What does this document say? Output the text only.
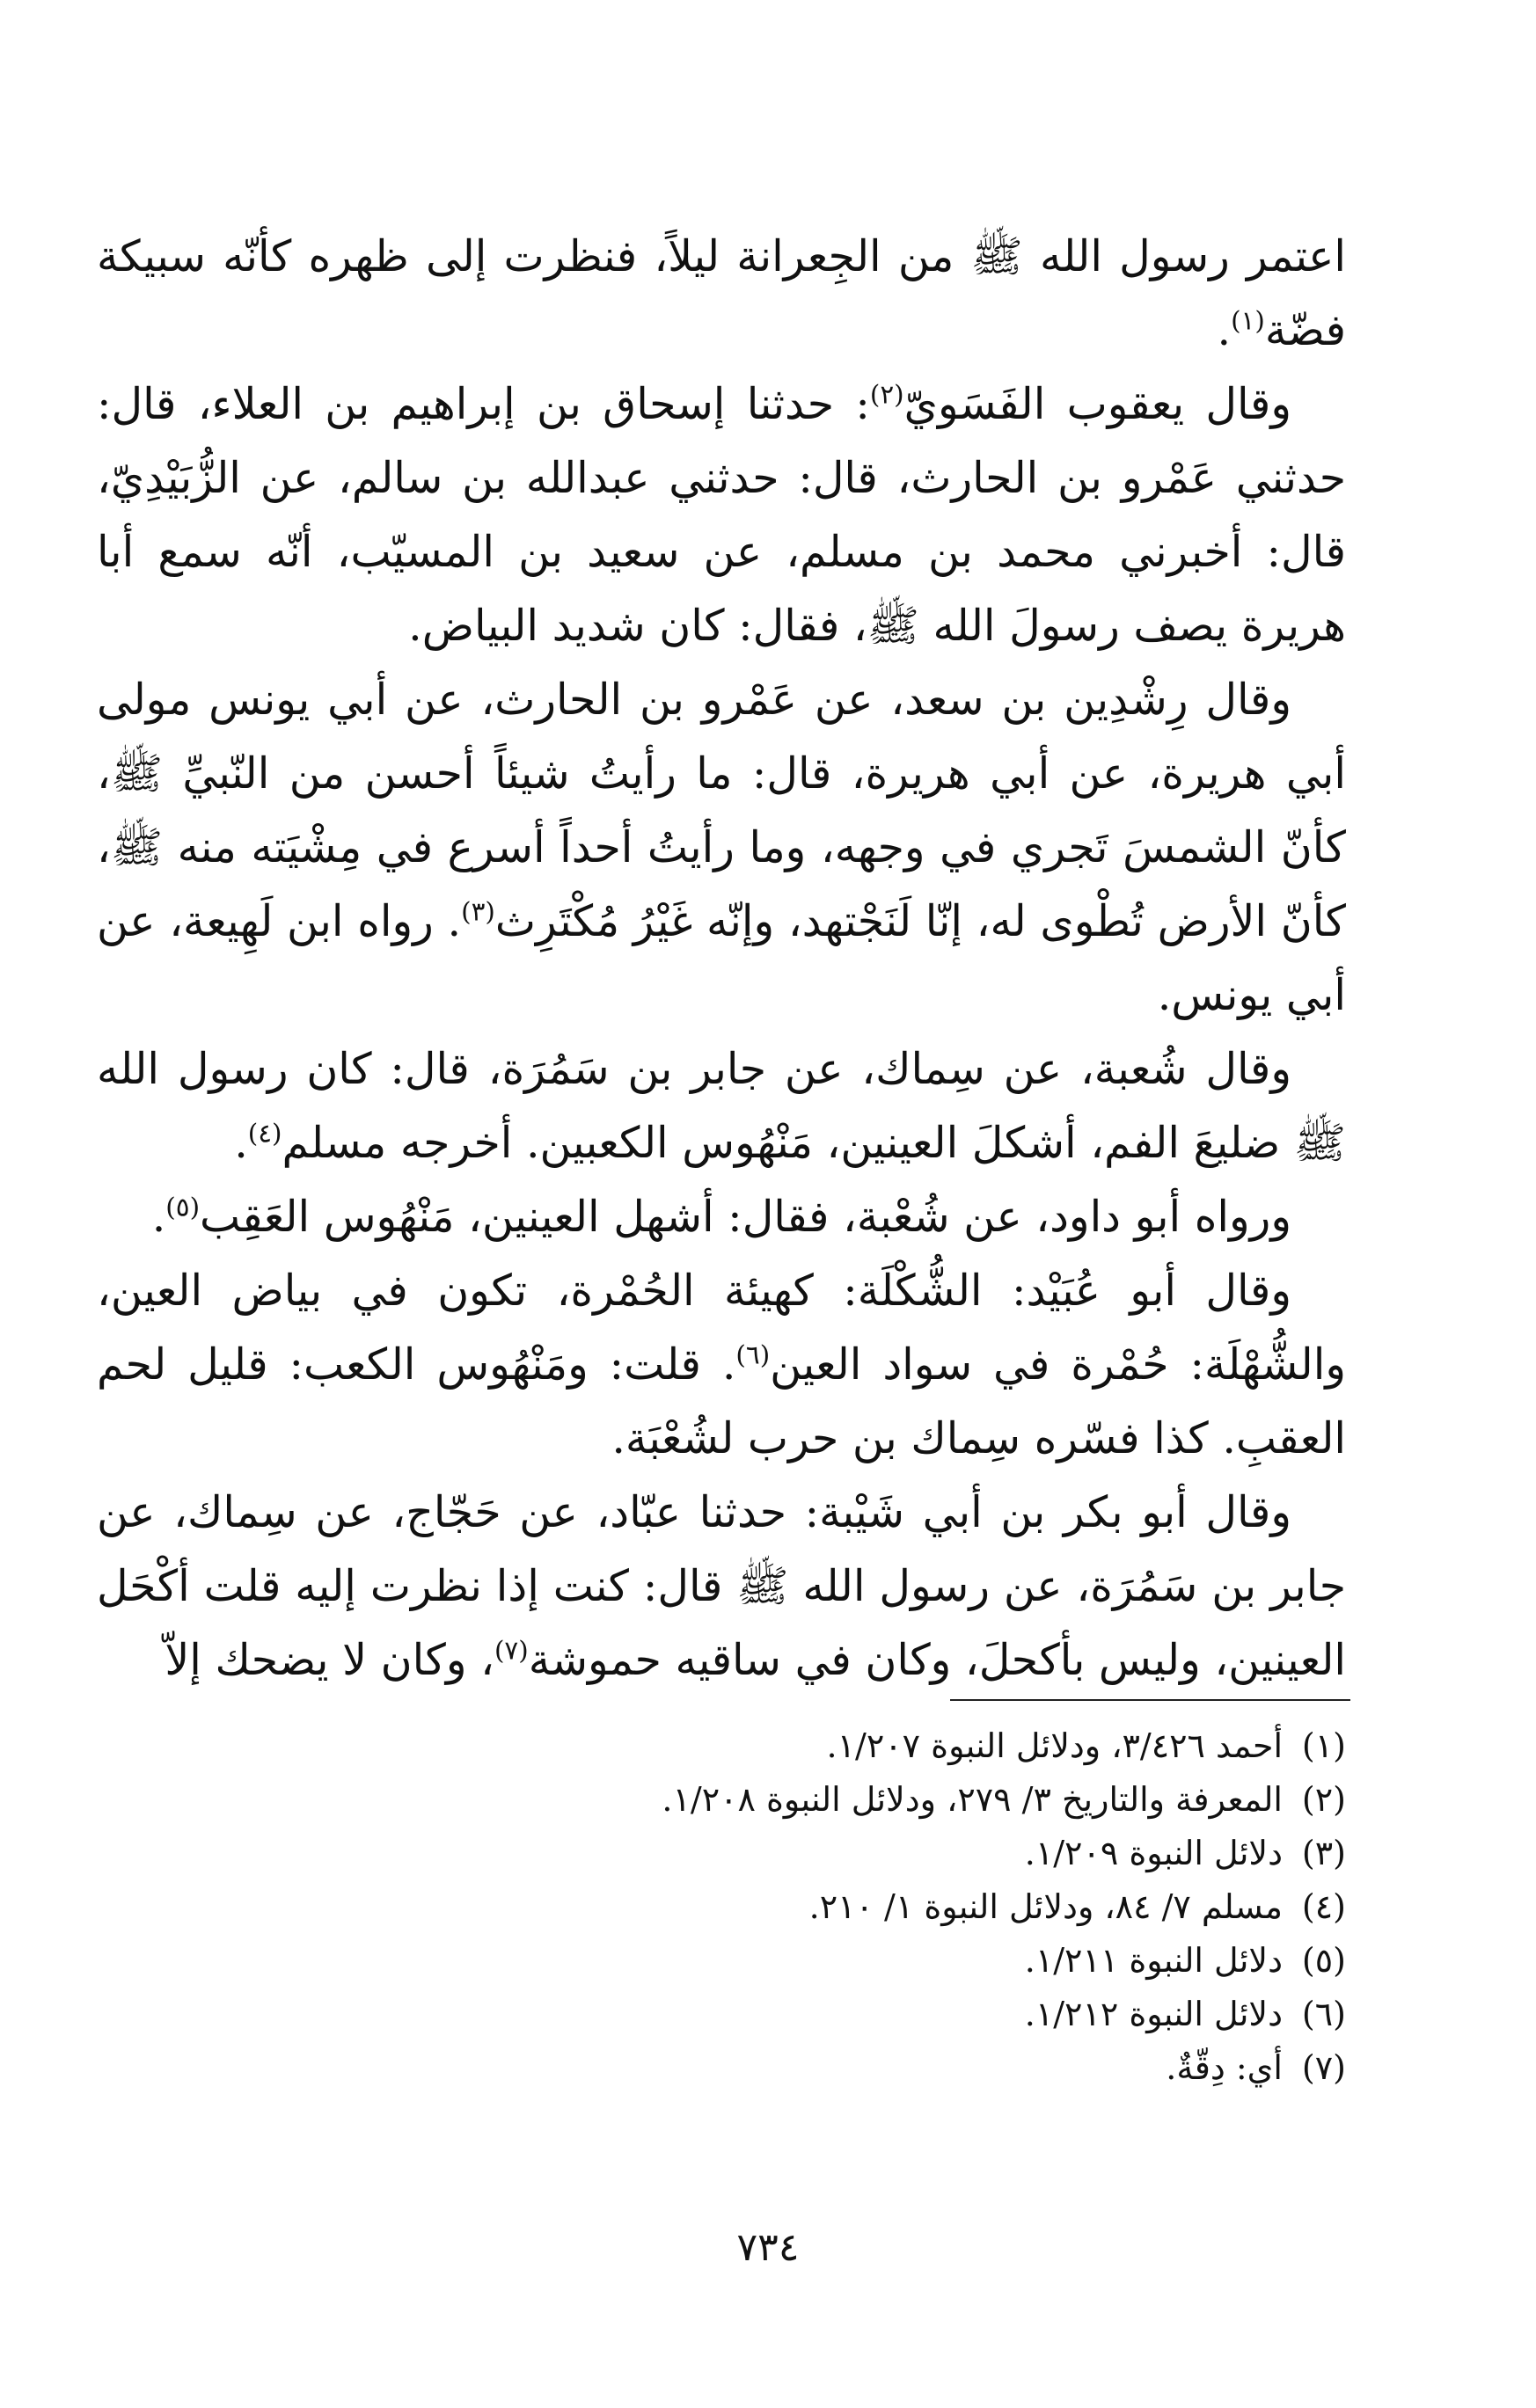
اعتمر رسول الله ﷺ من الجِعرانة ليلاً، فنظرت إلى ظهره كأنّه سبيكة فضّة$^{(١)}$.

وقال يعقوب الفَسَويّ$^{(٢)}$: حدثنا إسحاق بن إبراهيم بن العلاء، قال: حدثني عَمْرو بن الحارث، قال: حدثني عبدالله بن سالم، عن الزُّبَيْدِيّ، قال: أخبرني محمد بن مسلم، عن سعيد بن المسيّب، أنّه سمع أبا هريرة يصف رسولَ الله ﷺ، فقال: كان شديد البياض.

وقال رِشْدِين بن سعد، عن عَمْرو بن الحارث، عن أبي يونس مولى أبي هريرة، عن أبي هريرة، قال: ما رأيتُ شيئاً أحسن من النّبيِّ ﷺ، كأنّ الشمسَ تَجري في وجهه، وما رأيتُ أحداً أسرع في مِشْيَته منه ﷺ، كأنّ الأرض تُطْوى له، إنّا لَنَجْتهد، وإنّه غَيْرُ مُكْتَرِث$^{(٣)}$. رواه ابن لَهِيعة، عن أبي يونس.

وقال شُعبة، عن سِماك، عن جابر بن سَمُرَة، قال: كان رسول الله ﷺ ضليعَ الفم، أشكلَ العينين، مَنْهُوس الكعبين. أخرجه مسلم$^{(٤)}$.

ورواه أبو داود، عن شُعْبة، فقال: أشهل العينين، مَنْهُوس العَقِب$^{(٥)}$.

وقال أبو عُبَيْد: الشُّكْلَة: كهيئة الحُمْرة، تكون في بياض العين، والشُّهْلَة: حُمْرة في سواد العين$^{(٦)}$. قلت: ومَنْهُوس الكعب: قليل لحم العقبِ. كذا فسّره سِماك بن حرب لشُعْبَة.

وقال أبو بكر بن أبي شَيْبة: حدثنا عبّاد، عن حَجّاج، عن سِماك، عن جابر بن سَمُرَة، عن رسول الله ﷺ قال: كنت إذا نظرت إليه قلت أكْحَل العينين، وليس بأكحلَ، وكان في ساقيه حموشة$^{(٧)}$، وكان لا يضحك إلاّ

(١)
أحمد ٣/٤٢٦، ودلائل النبوة ١/٢٠٧.
(٢)
المعرفة والتاريخ ٣/ ٢٧٩، ودلائل النبوة ١/٢٠٨.
(٣)
دلائل النبوة ١/٢٠٩.
(٤)
مسلم ٧/ ٨٤، ودلائل النبوة ١/ ٢١٠.
(٥)
دلائل النبوة ١/٢١١.
(٦)
دلائل النبوة ١/٢١٢.
(٧)
أي: دِقّةٌ.
٧٣٤
